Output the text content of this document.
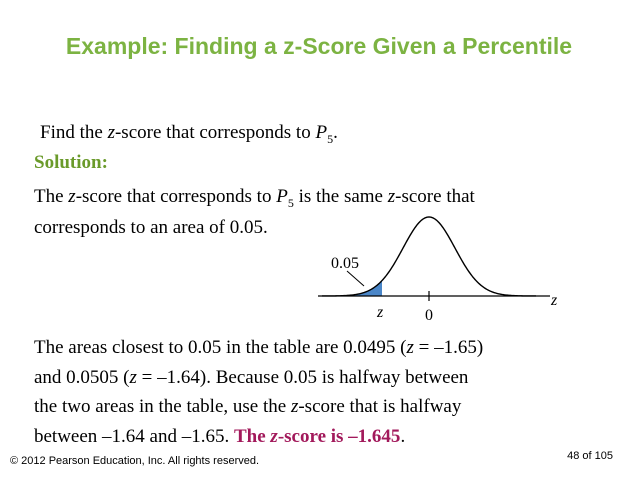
Example: Finding a z-Score Given a Percentile
Find the z-score that corresponds to $P_5$.
Solution:
The z-score that corresponds to $P_5$ is the same z-score that
corresponds to an area of 0.05.
0.05
z	0
z
The areas closest to 0.05 in the table are 0.0495 (z = –1.65)
and 0.0505 (z = –1.64). Because 0.05 is halfway between
the two areas in the table, use the z-score that is halfway
between –1.64 and –1.65. The z-score is –1.645.
© 2012 Pearson Education, Inc. All rights reserved.	48 of 105
